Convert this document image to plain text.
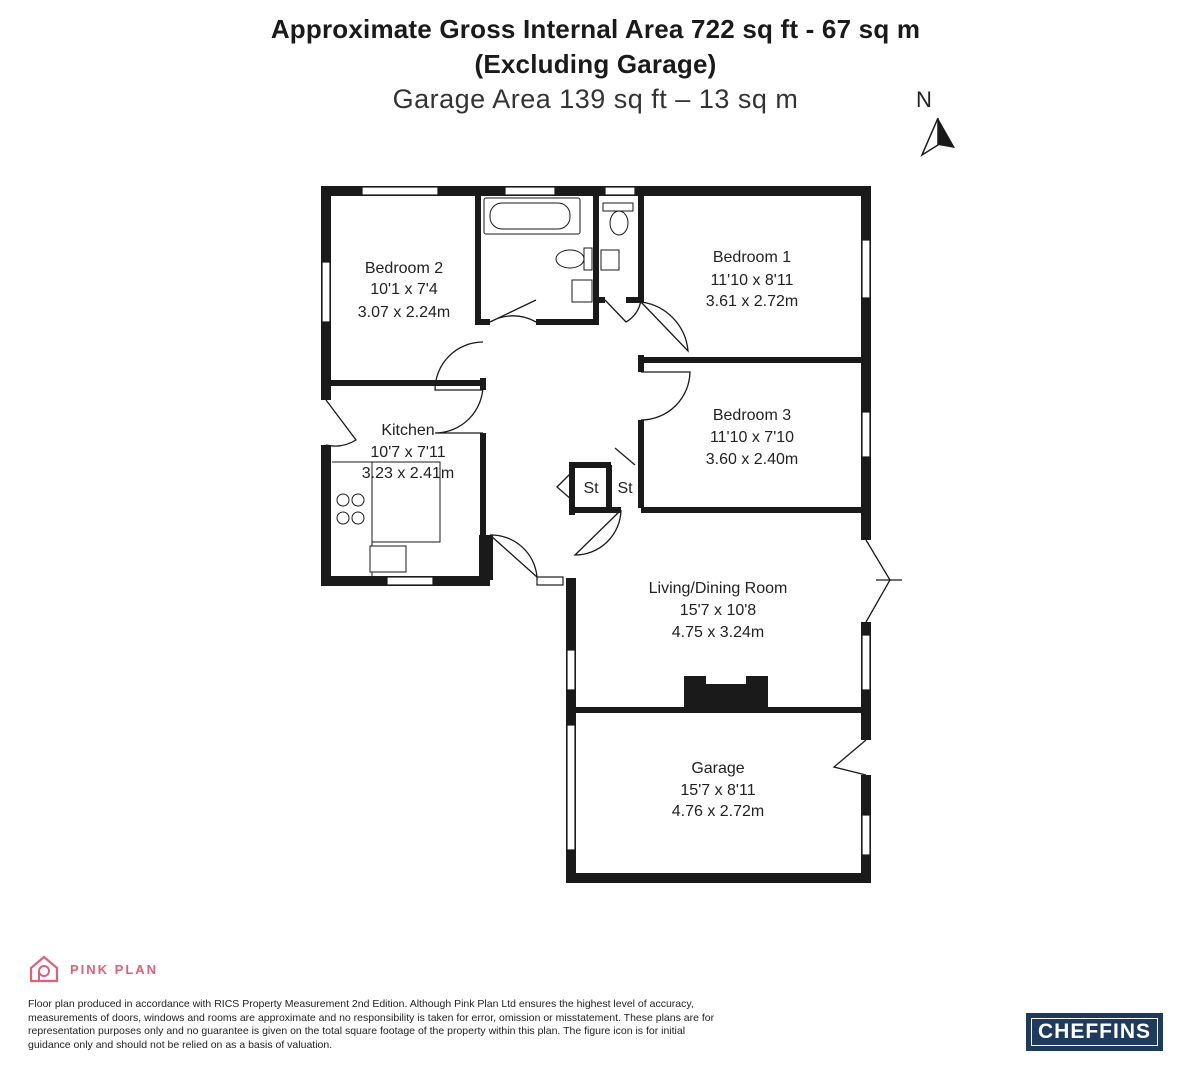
Approximate Gross Internal Area 722 sq ft - 67 sq m
(Excluding Garage)
Garage Area 139 sq ft – 13 sq m	N
Bedroom 2
10'1 x 7'4
3.07 x 2.24m
Bedroom 1
11'10 x 8'11
3.61 x 2.72m
Bedroom 3
11'10 x 7'10
3.60 x 2.40m
Kitchen
10'7 x 7'11
3.23 x 2.41m
Living/Dining Room
15'7 x 10'8
4.75 x 3.24m
Garage
15'7 x 8'11
4.76 x 2.72m
St St
PINK PLAN
Floor plan produced in accordance with RICS Property Measurement 2nd Edition. Although Pink Plan Ltd ensures the highest level of accuracy, measurements of doors, windows and rooms are approximate and no responsibility is taken for error, omission or misstatement. These plans are for representation purposes only and no guarantee is given on the total square footage of the property within this plan. The figure icon is for initial guidance only and should not be relied on as a basis of valuation.
CHEFFINS
